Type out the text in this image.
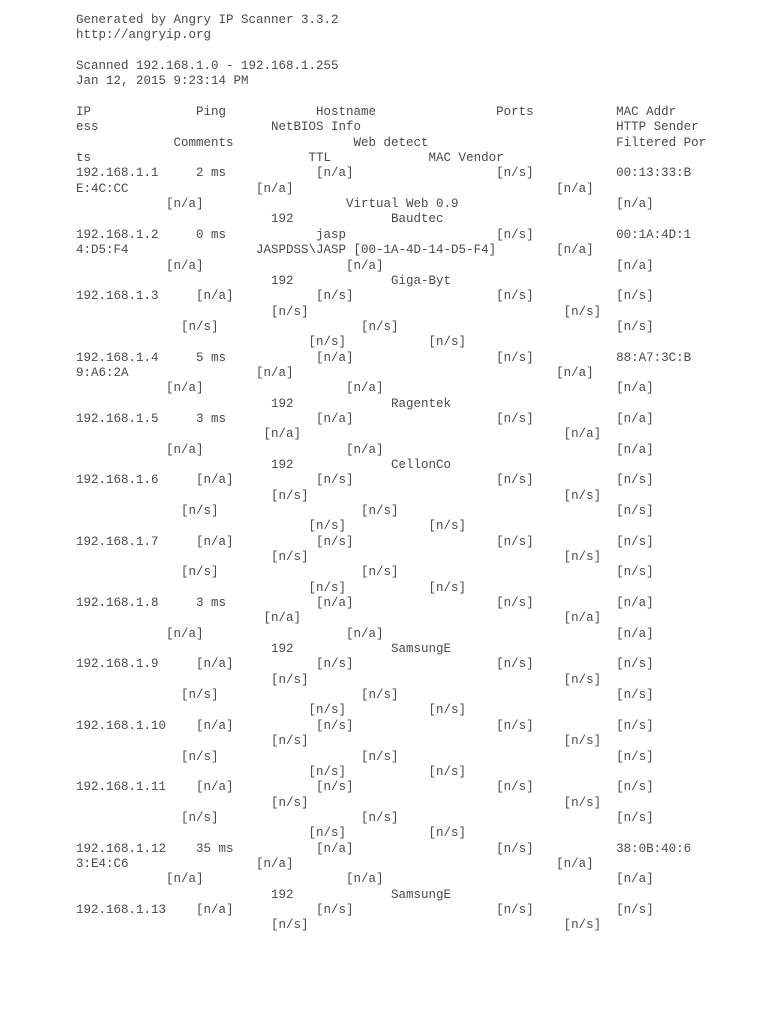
Generated by Angry IP Scanner 3.3.2
http://angryip.org
Scanned 192.168.1.0 - 192.168.1.255
Jan 12, 2015 9:23:14 PM
IP              Ping            Hostname                Ports           MAC Addr
ess                       NetBIOS Info                                  HTTP Sender
Comments                Web detect                         Filtered Por
ts                             TTL             MAC Vendor
192.168.1.1     2 ms            [n/a]                   [n/s]           00:13:33:B
E:4C:CC                 [n/a]                                   [n/a]
[n/a]                   Virtual Web 0.9                     [n/a]
192             Baudtec
192.168.1.2     0 ms            jasp                    [n/s]           00:1A:4D:1
4:D5:F4                 JASPDSS\JASP [00-1A-4D-14-D5-F4]        [n/a]
[n/a]                   [n/a]                               [n/a]
192             Giga-Byt
192.168.1.3     [n/a]           [n/s]                   [n/s]           [n/s]
[n/s]                                  [n/s]
[n/s]                   [n/s]                             [n/s]
[n/s]           [n/s]
192.168.1.4     5 ms            [n/a]                   [n/s]           88:A7:3C:B
9:A6:2A                 [n/a]                                   [n/a]
[n/a]                   [n/a]                               [n/a]
192             Ragentek
192.168.1.5     3 ms            [n/a]                   [n/s]           [n/a]
[n/a]                                   [n/a]
[n/a]                   [n/a]                               [n/a]
192             CellonCo
192.168.1.6     [n/a]           [n/s]                   [n/s]           [n/s]
[n/s]                                  [n/s]
[n/s]                   [n/s]                             [n/s]
[n/s]           [n/s]
192.168.1.7     [n/a]           [n/s]                   [n/s]           [n/s]
[n/s]                                  [n/s]
[n/s]                   [n/s]                             [n/s]
[n/s]           [n/s]
192.168.1.8     3 ms            [n/a]                   [n/s]           [n/a]
[n/a]                                   [n/a]
[n/a]                   [n/a]                               [n/a]
192             SamsungE
192.168.1.9     [n/a]           [n/s]                   [n/s]           [n/s]
[n/s]                                  [n/s]
[n/s]                   [n/s]                             [n/s]
[n/s]           [n/s]
192.168.1.10    [n/a]           [n/s]                   [n/s]           [n/s]
[n/s]                                  [n/s]
[n/s]                   [n/s]                             [n/s]
[n/s]           [n/s]
192.168.1.11    [n/a]           [n/s]                   [n/s]           [n/s]
[n/s]                                  [n/s]
[n/s]                   [n/s]                             [n/s]
[n/s]           [n/s]
192.168.1.12    35 ms           [n/a]                   [n/s]           38:0B:40:6
3:E4:C6                 [n/a]                                   [n/a]
[n/a]                   [n/a]                               [n/a]
192             SamsungE
192.168.1.13    [n/a]           [n/s]                   [n/s]           [n/s]
[n/s]                                  [n/s]
